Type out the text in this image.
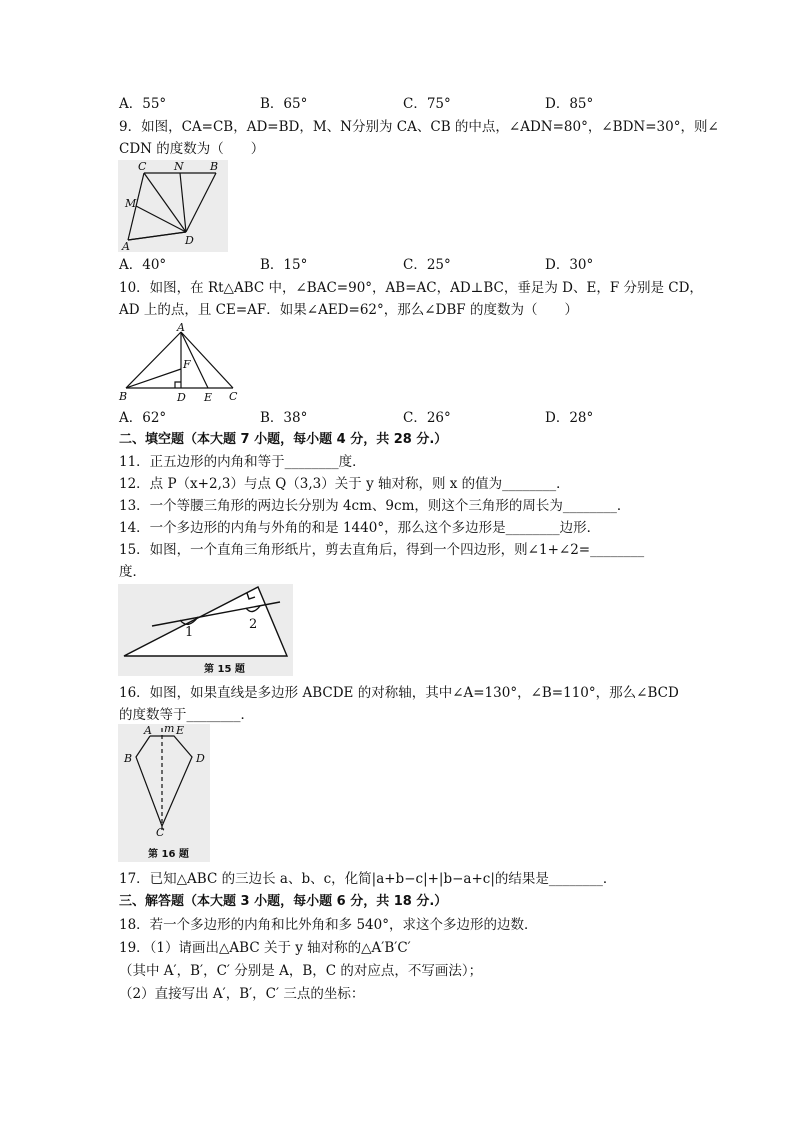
A．55°	B．65°	C．75°	D．85°
9．如图，CA=CB，AD=BD，M、N分别为 CA、CB 的中点，∠ADN=80°，∠BDN=30°，则∠
CDN 的度数为（　　）
C	N B
M
A	D
A．40°	B．15°	C．25°	D．30°
10．如图，在 Rt△ABC 中，∠BAC=90°，AB=AC，AD⊥BC，垂足为 D、E，F 分别是 CD，
AD 上的点，且 CE=AF．如果∠AED=62°，那么∠DBF 的度数为（　　）
A
F
B	D E C
A．62°	B．38°	C．26°	D．28°
二、填空题（本大题 7 小题，每小题 4 分，共 28 分.）
11．正五边形的内角和等于________度．
12．点 P（x+2,3）与点 Q（3,3）关于 y 轴对称，则 x 的值为________．
13．一个等腰三角形的两边长分别为 4cm、9cm，则这个三角形的周长为________．
14．一个多边形的内角与外角的和是 1440°，那么这个多边形是________边形．
15．如图，一个直角三角形纸片，剪去直角后，得到一个四边形，则∠1+∠2=________
度．
1
2
第 15 题
16．如图，如果直线是多边形 ABCDE 的对称轴，其中∠A=130°，∠B=110°，那么∠BCD
的度数等于________．
A m E
B	D
C
第 16 题
17．已知△ABC 的三边长 a、b、c，化简|a+b−c|+|b−a+c|的结果是________．
三、解答题（本大题 3 小题，每小题 6 分，共 18 分.）
18．若一个多边形的内角和比外角和多 540°，求这个多边形的边数．
19．（1）请画出△ABC 关于 y 轴对称的△A′B′C′
（其中 A′，B′，C′ 分别是 A，B，C 的对应点，不写画法）；
（2）直接写出 A′，B′，C′ 三点的坐标：
